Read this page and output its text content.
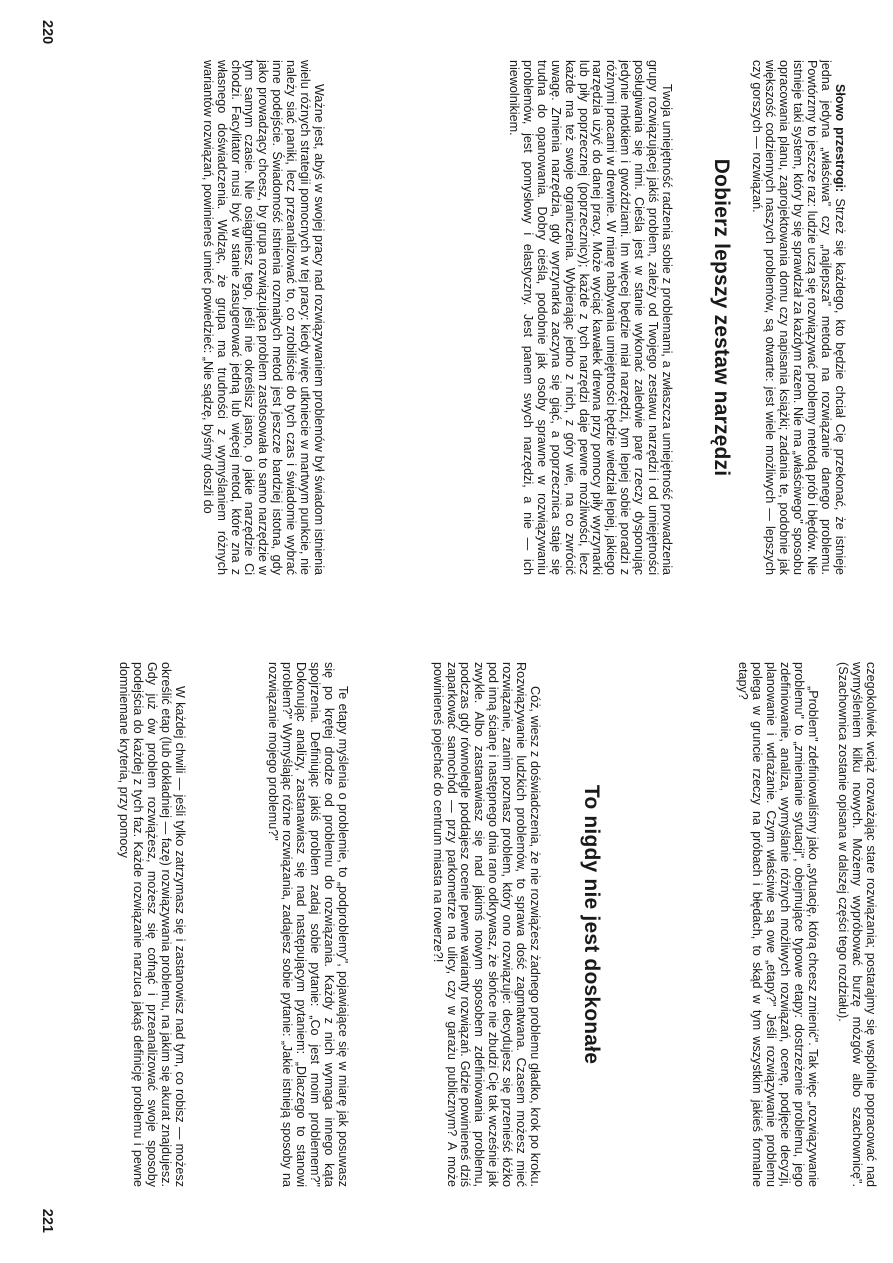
Słowo przestrogi: Strzeż się każdego, kto będzie chciał Cię przekonać, że istnieje jedna jedyna „właściwa" czy „najlepsza" metoda na rozwiązanie danego problemu. Powtórzmy to jeszcze raz: ludzie uczą się rozwiązywać problemy metodą prób i błędów. Nie istnieje taki system, który by się sprawdzał za każdym razem. Nie ma „właściwego" sposobu opracowania planu, zaprojektowania domu czy napisania książki; zadania te, podobnie jak większość codziennych naszych problemów, są otwarte: jest wiele możliwych — lepszych czy gorszych — rozwiązań.

Dobierz lepszy zestaw narzędzi

Twoja umiejętność radzenia sobie z problemami, a zwłaszcza umiejętność prowadzenia grupy rozwiązującej jakiś problem, zależy od Twojego zestawu narzędzi i od umiejętności posługiwania się nimi. Cieśla jest w stanie wykonać zaledwie parę rzeczy dysponując jedynie młotkiem i gwoździami. Im więcej będzie miał narzędzi, tym lepiej sobie poradzi z różnymi pracami w drewnie. W miarę nabywania umiejętności będzie wiedział lepiej, jakiego narzędzia użyć do danej pracy. Może wyciąć kawałek drewna przy pomocy piły wyrzynarki lub piły poprzecznej (poprzecznicy); każde z tych narzędzi daje pewne możliwości, lecz każde ma też swoje ograniczenia. Wybierając jedno z nich, z góry wie, na co zwrócić uwagę. Zmienia narzędzia, gdy wyrzynarka zaczyna się giąć, a poprzecznica staje się trudna do opanowania. Dobry cieśla, podobnie jak osoby sprawne w rozwiązywaniu problemów, jest pomysłowy i elastyczny. Jest panem swych narzędzi, a nie — ich niewolnikiem.

Ważne jest, abyś w swojej pracy nad rozwiązywaniem problemów był świadom istnienia wielu różnych strategii pomocnych w tej pracy: kiedy więc utkniecie w martwym punkcie, nie należy siać paniki, lecz przeanalizować to, co zrobiliście do tych czas i świadomie wybrać inne podejście. Świadomość istnienia rozmaitych metod jest jeszcze bardziej istotna, gdy jako prowadzący chcesz, by grupa rozwiązująca problem zastosowała to samo narzędzie w tym samym czasie. Nie osiągniesz tego, jeśli nie określisz jasno, o jakie narzędzie Ci chodzi. Facylitator musi być w stanie zasugerować jedną lub więcej metod, które zna z własnego doświadczenia. Widząc, że grupa ma trudności z wymyślaniem różnych wariantów rozwiązań, powinieneś umieć powiedzieć: „Nie sądzę, byśmy doszli do

220

czegokolwiek wciąż rozważając stare rozwiązania; postarajmy się wspólnie popracować nad wymyśleniem kilku nowych. Możemy wypróbować burzę mózgów albo szachownicę". (Szachownica zostanie opisana w dalszej części tego rozdziału).

„Problem" zdefiniowaliśmy jako „sytuację, którą chcesz zmienić". Tak więc „rozwiązywanie problemu" to „zmienianie sytuacji", obejmujące typowe etapy: dostrzeżenie problemu, jego zdefiniowanie, analiza, wymyślanie różnych możliwych rozwiązań, ocenę, podjęcie decyzji, planowanie i wdrażanie. Czym właściwie są owe „etapy?" Jeśli rozwiązywanie problemu polega w gruncie rzeczy na próbach i błędach, to skąd w tym wszystkim jakieś formalne etapy?

To nigdy nie jest doskonałe

Cóż, wiesz z doświadczenia, że nie rozwiążesz żadnego problemu gładko, krok po kroku. Rozwiązywanie ludzkich problemów, to sprawa dość zagmatwana. Czasem możesz mieć rozwiązanie, zanim poznasz problem, który ono rozwiązuje: decydujesz się przenieść łóżko pod inną ścianę i następnego dnia rano odkrywasz, że słońce nie zbudzi Cię tak wcześnie jak zwykle. Albo zastanawiasz się nad jakimś nowym sposobem zdefiniowania problemu, podczas gdy równolegle poddajesz ocenie pewne warianty rozwiązań. Gdzie powinieneś dziś zaparkować samochód — przy parkometrze na ulicy, czy w garażu publicznym? A może powinieneś pojechać do centrum miasta na rowerze?!

Te etapy myślenia o problemie, to „podproblemy", pojawiające się w miarę jak posuwasz się po krętej drodze od problemu do rozwiązania. Każdy z nich wymaga innego kąta spojrzenia. Definiując jakiś problem zadaj sobie pytanie: „Co jest moim problemem?" Dokonując analizy, zastanawiasz się nad następującym pytaniem: „Dlaczego to stanowi problem?" Wymyślając różne rozwiązania, zadajesz sobie pytanie: „Jakie istnieją sposoby na rozwiązanie mojego problemu?"

W każdej chwili — jeśli tylko zatrzymasz się i zastanowisz nad tym, co robisz — możesz określić etap (lub dokładniej — fazę) rozwiązywania problemu, na jakim się akurat znajdujesz. Gdy już ów problem rozwiążesz, możesz się cofnąć i przeanalizować swoje sposoby podejścia do każdej z tych faz. Każde rozwiązanie narzuca jakąś definicję problemu i pewne domniemane kryteria, przy pomocy

221
